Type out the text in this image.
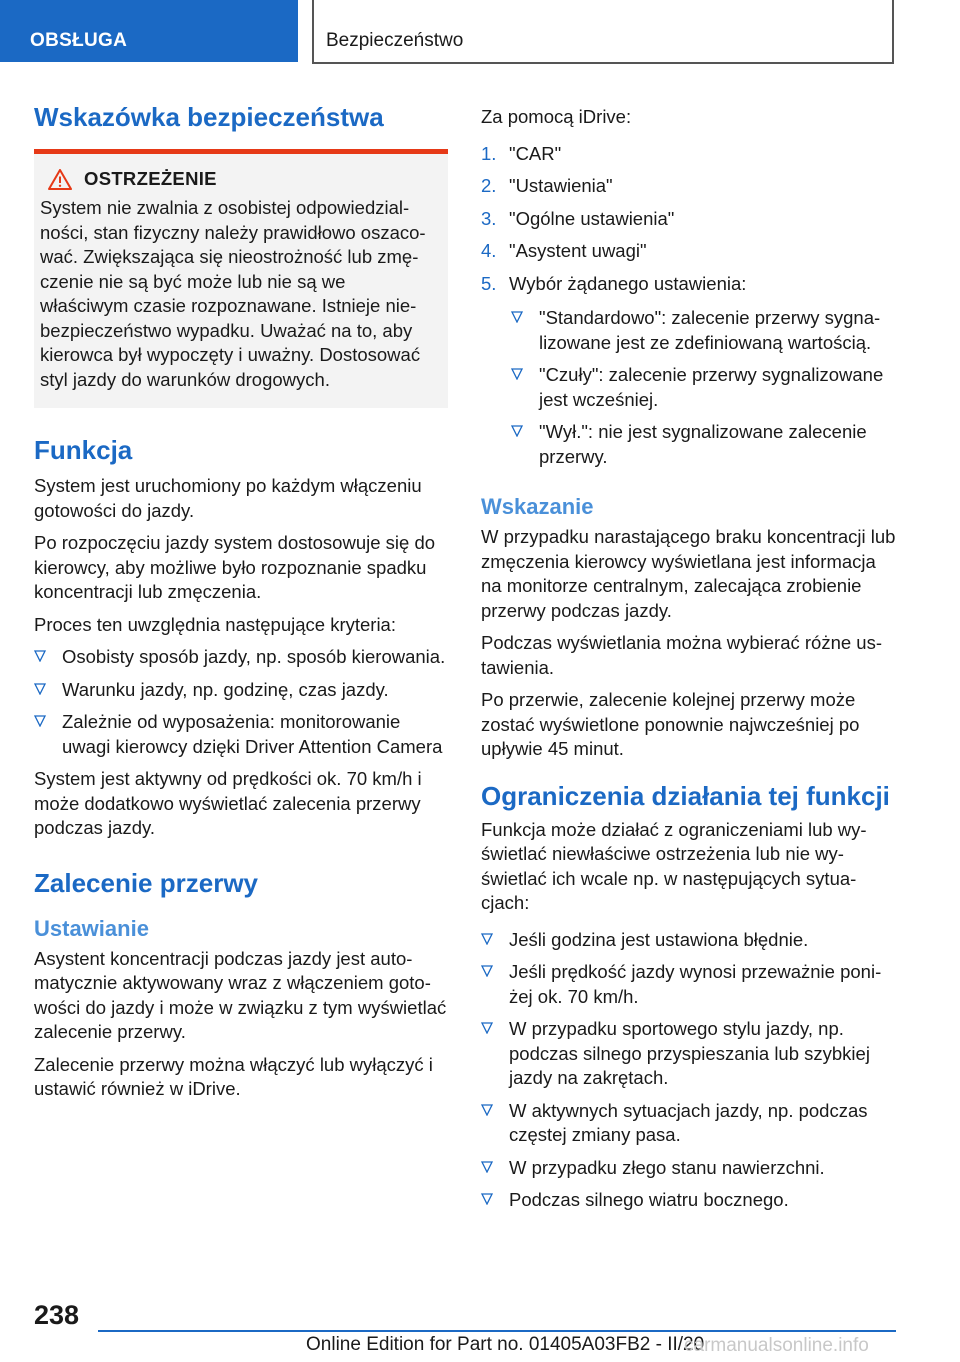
OBSŁUGA	Bezpieczeństwo
Wskazówka bezpieczeństwa
OSTRZEŻENIE

System nie zwalnia z osobistej odpowiedzialności, stan fizyczny należy prawidłowo oszacować. Zwiększająca się nieostrożność lub zmęczenie nie są być może lub nie są we właściwym czasie rozpoznawane. Istnieje niebezpieczeństwo wypadku. Uważać na to, aby kierowca był wypoczęty i uważny. Dostosować styl jazdy do warunków drogowych.

Funkcja

System jest uruchomiony po każdym włączeniu gotowości do jazdy.

Po rozpoczęciu jazdy system dostosowuje się do kierowcy, aby możliwe było rozpoznanie spadku koncentracji lub zmęczenia.

Proces ten uwzględnia następujące kryteria:

Osobisty sposób jazdy, np. sposób kierowania.
Warunku jazdy, np. godzinę, czas jazdy.
Zależnie od wyposażenia: monitorowanie uwagi kierowcy dzięki Driver Attention Camera

System jest aktywny od prędkości ok. 70 km/h i może dodatkowo wyświetlać zalecenia przerwy podczas jazdy.

Zalecenie przerwy
Ustawianie

Asystent koncentracji podczas jazdy jest automatycznie aktywowany wraz z włączeniem gotowości do jazdy i może w związku z tym wyświetlać zalecenie przerwy.

Zalecenie przerwy można włączyć lub wyłączyć i ustawić również w iDrive.

Za pomocą iDrive:

1. "CAR"
2. "Ustawienia"
3. "Ogólne ustawienia"
4. "Asystent uwagi"
5. Wybór żądanego ustawienia:
"Standardowo": zalecenie przerwy sygnalizowane jest ze zdefiniowaną wartością.
"Czuły": zalecenie przerwy sygnalizowane jest wcześniej.
"Wył.": nie jest sygnalizowane zalecenie przerwy.
Wskazanie

W przypadku narastającego braku koncentracji lub zmęczenia kierowcy wyświetlana jest informacja na monitorze centralnym, zalecająca zrobienie przerwy podczas jazdy.

Podczas wyświetlania można wybierać różne ustawienia.

Po przerwie, zalecenie kolejnej przerwy może zostać wyświetlone ponownie najwcześniej po upływie 45 minut.

Ograniczenia działania tej funkcji

Funkcja może działać z ograniczeniami lub wyświetlać niewłaściwe ostrzeżenia lub nie wyświetlać ich wcale np. w następujących sytuacjach:

Jeśli godzina jest ustawiona błędnie.
Jeśli prędkość jazdy wynosi przeważnie poniżej ok. 70 km/h.
W przypadku sportowego stylu jazdy, np. podczas silnego przyspieszania lub szybkiej jazdy na zakrętach.
W aktywnych sytuacjach jazdy, np. podczas częstej zmiany pasa.
W przypadku złego stanu nawierzchni.
Podczas silnego wiatru bocznego.
238
Online Edition for Part no. 01405A03FB2 - II/20
carmanualsonline.info
